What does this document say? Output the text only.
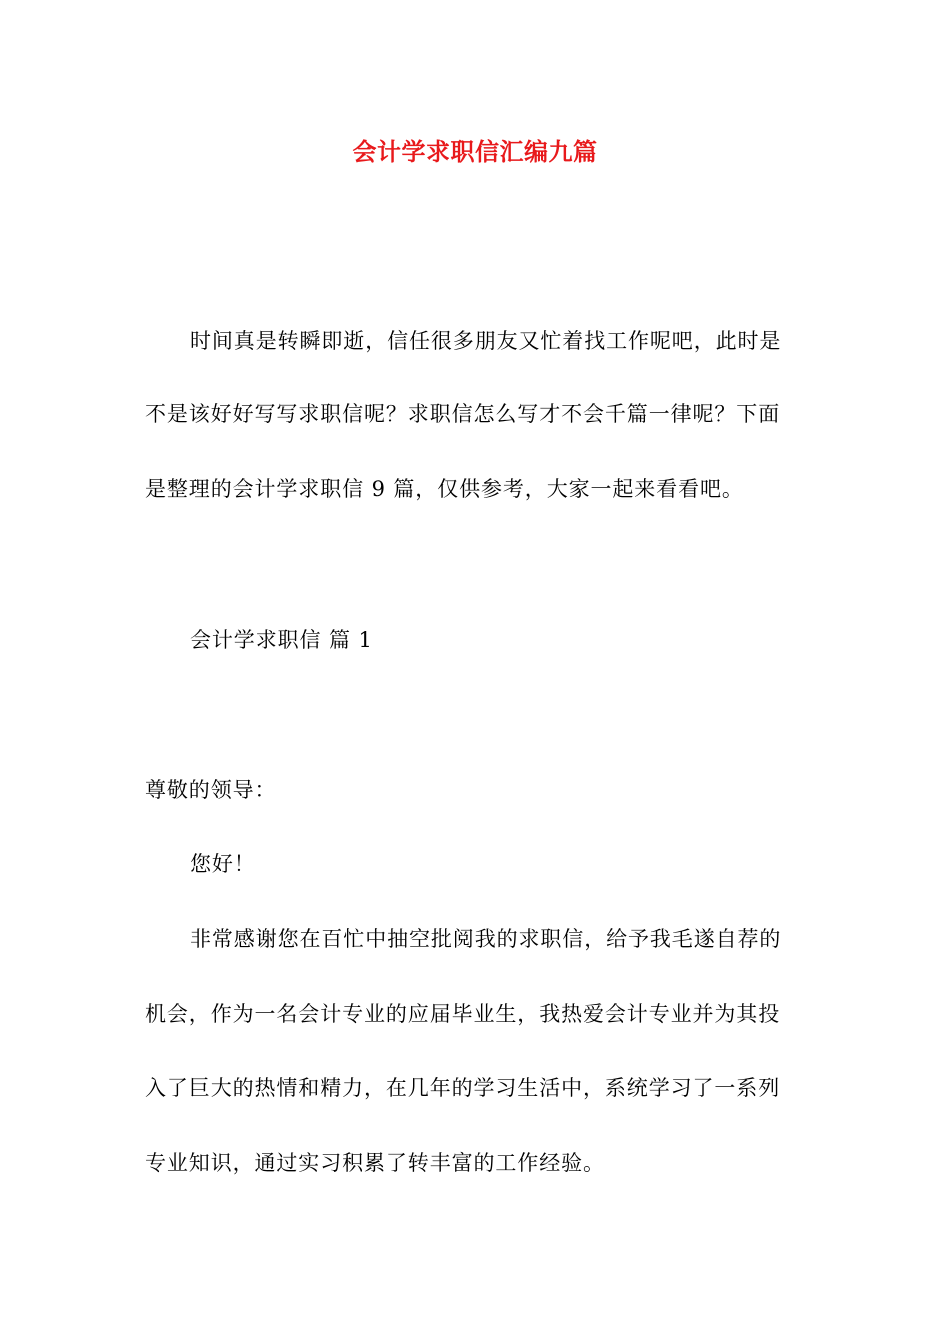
会计学求职信汇编九篇
时间真是转瞬即逝，信任很多朋友又忙着找工作呢吧，此时是
不是该好好写写求职信呢？求职信怎么写才不会千篇一律呢？下面
是整理的会计学求职信 9 篇，仅供参考，大家一起来看看吧。
会计学求职信 篇 1
尊敬的领导：
您好！
非常感谢您在百忙中抽空批阅我的求职信，给予我毛遂自荐的
机会，作为一名会计专业的应届毕业生，我热爱会计专业并为其投
入了巨大的热情和精力，在几年的学习生活中，系统学习了一系列
专业知识，通过实习积累了转丰富的工作经验。
